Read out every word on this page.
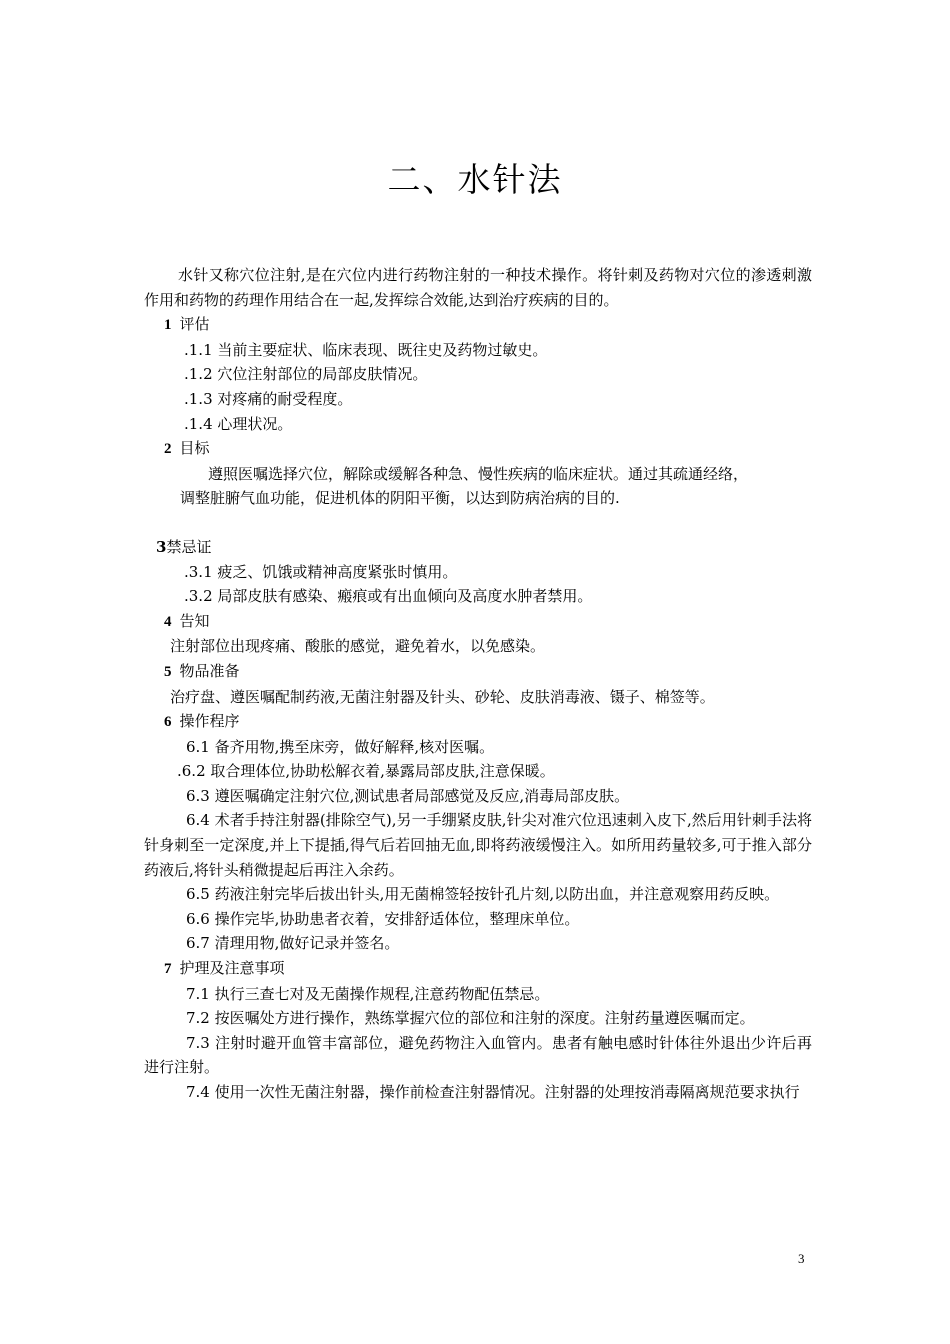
二、水针法
水针又称穴位注射,是在穴位内进行药物注射的一种技术操作。将针刺及药物对穴位的渗透刺激作用和药物的药理作用结合在一起,发挥综合效能,达到治疗疾病的目的。
1 评估
.1.1 当前主要症状、临床表现、既往史及药物过敏史。
.1.2 穴位注射部位的局部皮肤情况。
.1.3 对疼痛的耐受程度。
.1.4 心理状况。
2 目标
遵照医嘱选择穴位，解除或缓解各种急、慢性疾病的临床症状。通过其疏通经络，
调整脏腑气血功能，促进机体的阴阳平衡，以达到防病治病的目的.
3禁忌证
.3.1 疲乏、饥饿或精神高度紧张时慎用。
.3.2 局部皮肤有感染、瘢痕或有出血倾向及高度水肿者禁用。
4 告知
注射部位出现疼痛、酸胀的感觉，避免着水，以免感染。
5 物品准备
治疗盘、遵医嘱配制药液,无菌注射器及针头、砂轮、皮肤消毒液、镊子、棉签等。
6 操作程序
6.1 备齐用物,携至床旁，做好解释,核对医嘱。
.6.2 取合理体位,协助松解衣着,暴露局部皮肤,注意保暖。
6.3 遵医嘱确定注射穴位,测试患者局部感觉及反应,消毒局部皮肤。
6.4 术者手持注射器(排除空气),另一手绷紧皮肤,针尖对准穴位迅速刺入皮下,然后用针刺手法将针身刺至一定深度,并上下提插,得气后若回抽无血,即将药液缓慢注入。如所用药量较多,可于推入部分药液后,将针头稍微提起后再注入余药。
6.5 药液注射完毕后拔出针头,用无菌棉签轻按针孔片刻,以防出血，并注意观察用药反映。
6.6 操作完毕,协助患者衣着，安排舒适体位，整理床单位。
6.7 清理用物,做好记录并签名。
7 护理及注意事项
7.1 执行三查七对及无菌操作规程,注意药物配伍禁忌。
7.2 按医嘱处方进行操作，熟练掌握穴位的部位和注射的深度。注射药量遵医嘱而定。
7.3 注射时避开血管丰富部位，避免药物注入血管内。患者有触电感时针体往外退出少许后再进行注射。
7.4 使用一次性无菌注射器，操作前检查注射器情况。注射器的处理按消毒隔离规范要求执行
3
